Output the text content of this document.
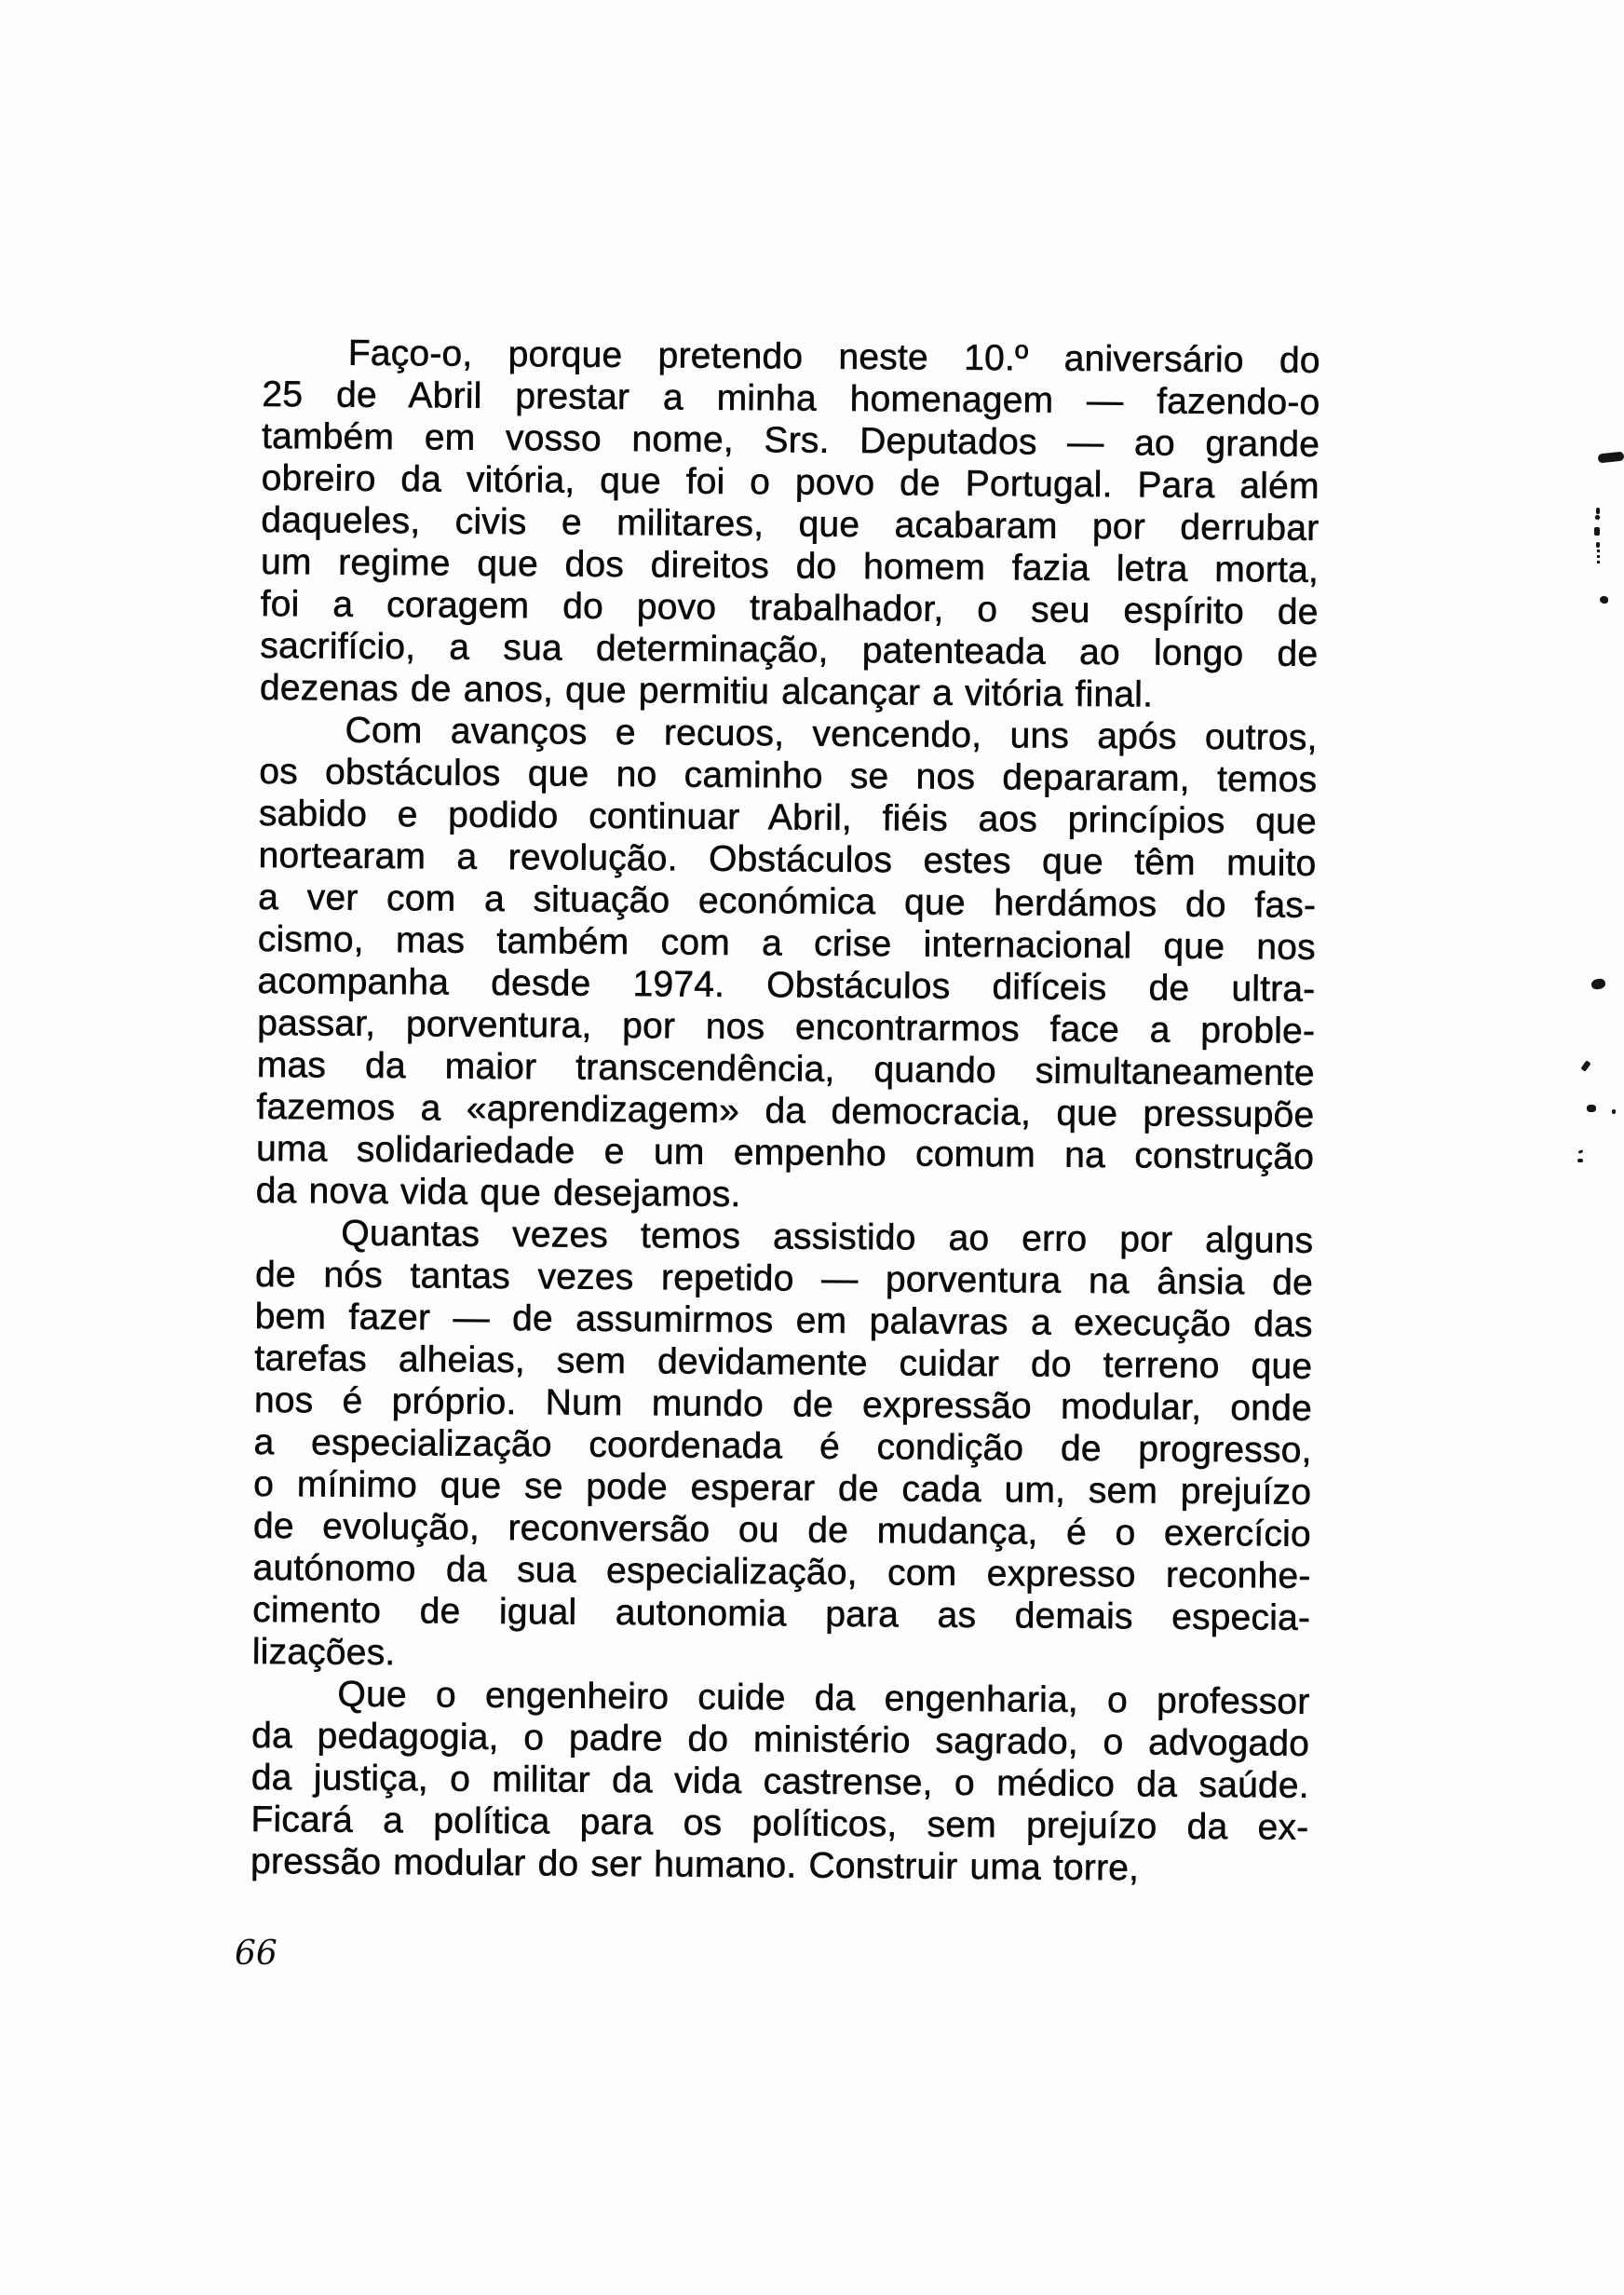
Faço-o, porque pretendo neste 10.º aniversário do
25 de Abril prestar a minha homenagem — fazendo-o
também em vosso nome, Srs. Deputados — ao grande
obreiro da vitória, que foi o povo de Portugal. Para além
daqueles, civis e militares, que acabaram por derrubar
um regime que dos direitos do homem fazia letra morta,
foi a coragem do povo trabalhador, o seu espírito de
sacrifício, a sua determinação, patenteada ao longo de
dezenas de anos, que permitiu alcançar a vitória final.
Com avanços e recuos, vencendo, uns após outros,
os obstáculos que no caminho se nos depararam, temos
sabido e podido continuar Abril, fiéis aos princípios que
nortearam a revolução. Obstáculos estes que têm muito
a ver com a situação económica que herdámos do fas-
cismo, mas também com a crise internacional que nos
acompanha desde 1974. Obstáculos difíceis de ultra-
passar, porventura, por nos encontrarmos face a proble-
mas da maior transcendência, quando simultaneamente
fazemos a «aprendizagem» da democracia, que pressupõe
uma solidariedade e um empenho comum na construção
da nova vida que desejamos.
Quantas vezes temos assistido ao erro por alguns
de nós tantas vezes repetido — porventura na ânsia de
bem fazer — de assumirmos em palavras a execução das
tarefas alheias, sem devidamente cuidar do terreno que
nos é próprio. Num mundo de expressão modular, onde
a especialização coordenada é condição de progresso,
o mínimo que se pode esperar de cada um, sem prejuízo
de evolução, reconversão ou de mudança, é o exercício
autónomo da sua especialização, com expresso reconhe-
cimento de igual autonomia para as demais especia-
lizações.
Que o engenheiro cuide da engenharia, o professor
da pedagogia, o padre do ministério sagrado, o advogado
da justiça, o militar da vida castrense, o médico da saúde.
Ficará a política para os políticos, sem prejuízo da ex-
pressão modular do ser humano. Construir uma torre,
66
